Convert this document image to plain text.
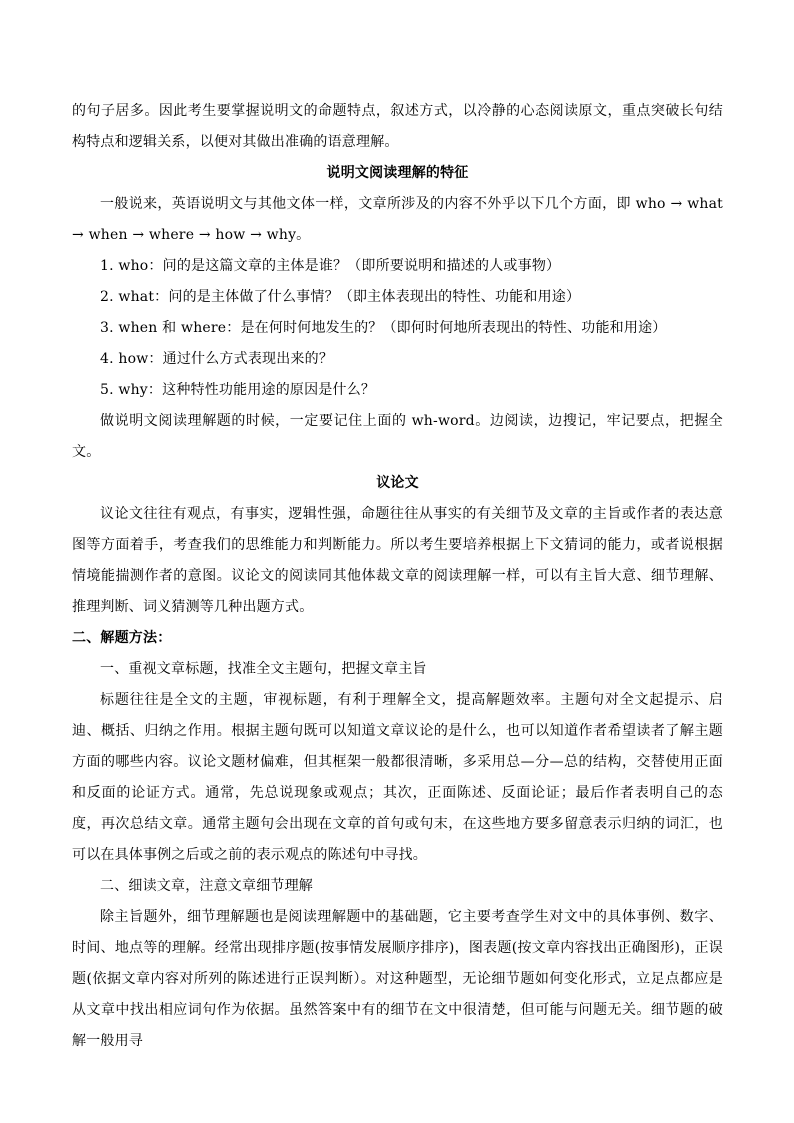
的句子居多。因此考生要掌握说明文的命题特点，叙述方式，以冷静的心态阅读原文，重点突破长句结构特点和逻辑关系，以便对其做出准确的语意理解。

说明文阅读理解的特征

一般说来，英语说明文与其他文体一样，文章所涉及的内容不外乎以下几个方面，即 who → what → when → where → how → why。

1. who：问的是这篇文章的主体是谁？（即所要说明和描述的人或事物）

2. what：问的是主体做了什么事情？（即主体表现出的特性、功能和用途）

3. when 和 where：是在何时何地发生的？（即何时何地所表现出的特性、功能和用途）

4. how：通过什么方式表现出来的？

5. why：这种特性功能用途的原因是什么？

做说明文阅读理解题的时候，一定要记住上面的 wh-word。边阅读，边搜记，牢记要点，把握全文。

议论文

议论文往往有观点，有事实，逻辑性强，命题往往从事实的有关细节及文章的主旨或作者的表达意图等方面着手，考查我们的思维能力和判断能力。所以考生要培养根据上下文猜词的能力，或者说根据情境能揣测作者的意图。议论文的阅读同其他体裁文章的阅读理解一样，可以有主旨大意、细节理解、推理判断、词义猜测等几种出题方式。

二、解题方法：

一、重视文章标题，找准全文主题句，把握文章主旨

标题往往是全文的主题，审视标题，有利于理解全文，提高解题效率。主题句对全文起提示、启迪、概括、归纳之作用。根据主题句既可以知道文章议论的是什么，也可以知道作者希望读者了解主题方面的哪些内容。议论文题材偏难，但其框架一般都很清晰，多采用总—分—总的结构，交替使用正面和反面的论证方式。通常，先总说现象或观点；其次，正面陈述、反面论证；最后作者表明自己的态度，再次总结文章。通常主题句会出现在文章的首句或句末，在这些地方要多留意表示归纳的词汇，也可以在具体事例之后或之前的表示观点的陈述句中寻找。

二、细读文章，注意文章细节理解

除主旨题外，细节理解题也是阅读理解题中的基础题，它主要考查学生对文中的具体事例、数字、时间、地点等的理解。经常出现排序题(按事情发展顺序排序)，图表题(按文章内容找出正确图形)，正误题(依据文章内容对所列的陈述进行正误判断）。对这种题型，无论细节题如何变化形式，立足点都应是从文章中找出相应词句作为依据。虽然答案中有的细节在文中很清楚，但可能与问题无关。细节题的破解一般用寻
